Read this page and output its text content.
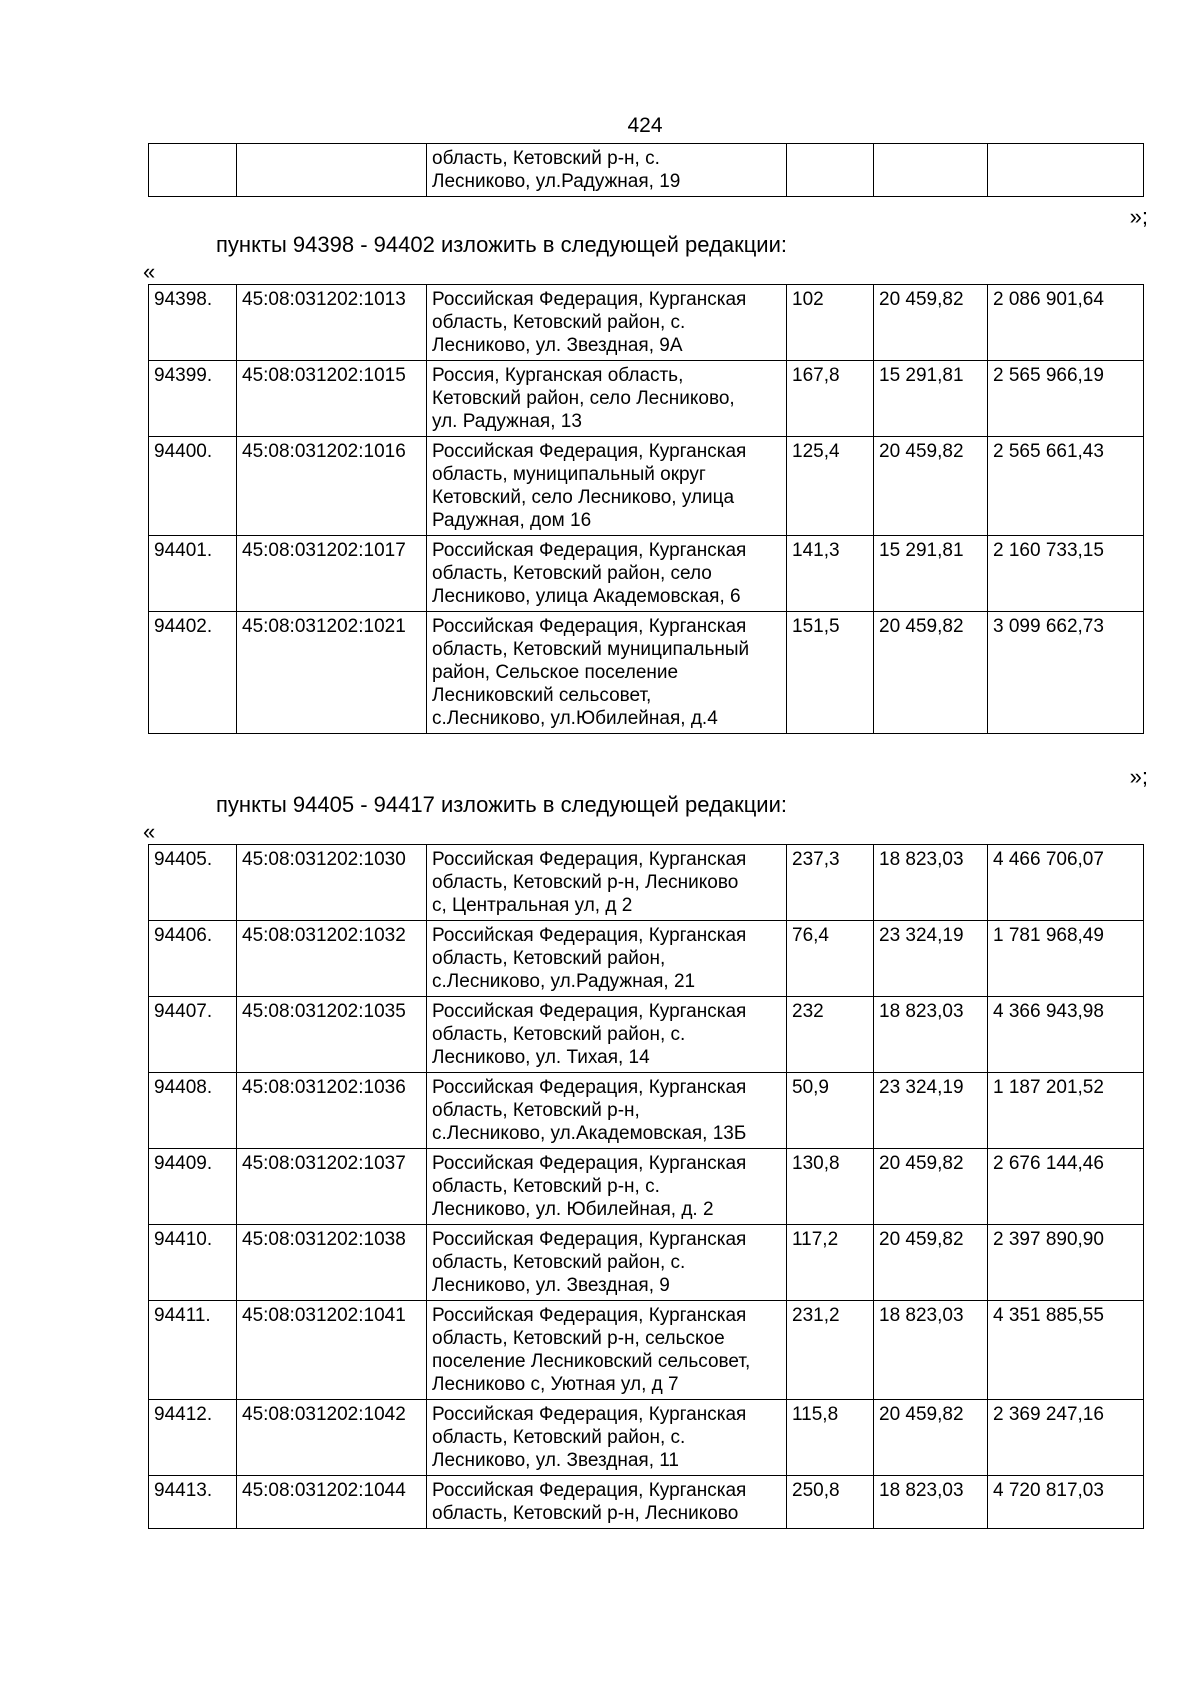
424
		область, Кетовский р-н, с.
Лесниково, ул.Радужная, 19			
»;
пункты 94398 - 94402 изложить в следующей редакции:
«
94398.	45:08:031202:1013	Российская Федерация, Курганская
область, Кетовский район, с.
Лесниково, ул. Звездная, 9А	102	20 459,82	2 086 901,64
94399.	45:08:031202:1015	Россия, Курганская область,
Кетовский район, село Лесниково,
ул. Радужная, 13	167,8	15 291,81	2 565 966,19
94400.	45:08:031202:1016	Российская Федерация, Курганская
область, муниципальный округ
Кетовский, село Лесниково, улица
Радужная, дом 16	125,4	20 459,82	2 565 661,43
94401.	45:08:031202:1017	Российская Федерация, Курганская
область, Кетовский район, село
Лесниково, улица Академовская, 6	141,3	15 291,81	2 160 733,15
94402.	45:08:031202:1021	Российская Федерация, Курганская
область, Кетовский муниципальный
район, Сельское поселение
Лесниковский сельсовет,
с.Лесниково, ул.Юбилейная, д.4	151,5	20 459,82	3 099 662,73
»;
пункты 94405 - 94417 изложить в следующей редакции:
«
94405.	45:08:031202:1030	Российская Федерация, Курганская
область, Кетовский р-н, Лесниково
с, Центральная ул, д 2	237,3	18 823,03	4 466 706,07
94406.	45:08:031202:1032	Российская Федерация, Курганская
область, Кетовский район,
с.Лесниково, ул.Радужная, 21	76,4	23 324,19	1 781 968,49
94407.	45:08:031202:1035	Российская Федерация, Курганская
область, Кетовский район, с.
Лесниково, ул. Тихая, 14	232	18 823,03	4 366 943,98
94408.	45:08:031202:1036	Российская Федерация, Курганская
область, Кетовский р-н,
с.Лесниково, ул.Академовская, 13Б	50,9	23 324,19	1 187 201,52
94409.	45:08:031202:1037	Российская Федерация, Курганская
область, Кетовский р-н, с.
Лесниково, ул. Юбилейная, д. 2	130,8	20 459,82	2 676 144,46
94410.	45:08:031202:1038	Российская Федерация, Курганская
область, Кетовский район, с.
Лесниково, ул. Звездная, 9	117,2	20 459,82	2 397 890,90
94411.	45:08:031202:1041	Российская Федерация, Курганская
область, Кетовский р-н, сельское
поселение Лесниковский сельсовет,
Лесниково с, Уютная ул, д 7	231,2	18 823,03	4 351 885,55
94412.	45:08:031202:1042	Российская Федерация, Курганская
область, Кетовский район, с.
Лесниково, ул. Звездная, 11	115,8	20 459,82	2 369 247,16
94413.	45:08:031202:1044	Российская Федерация, Курганская
область, Кетовский р-н, Лесниково	250,8	18 823,03	4 720 817,03
